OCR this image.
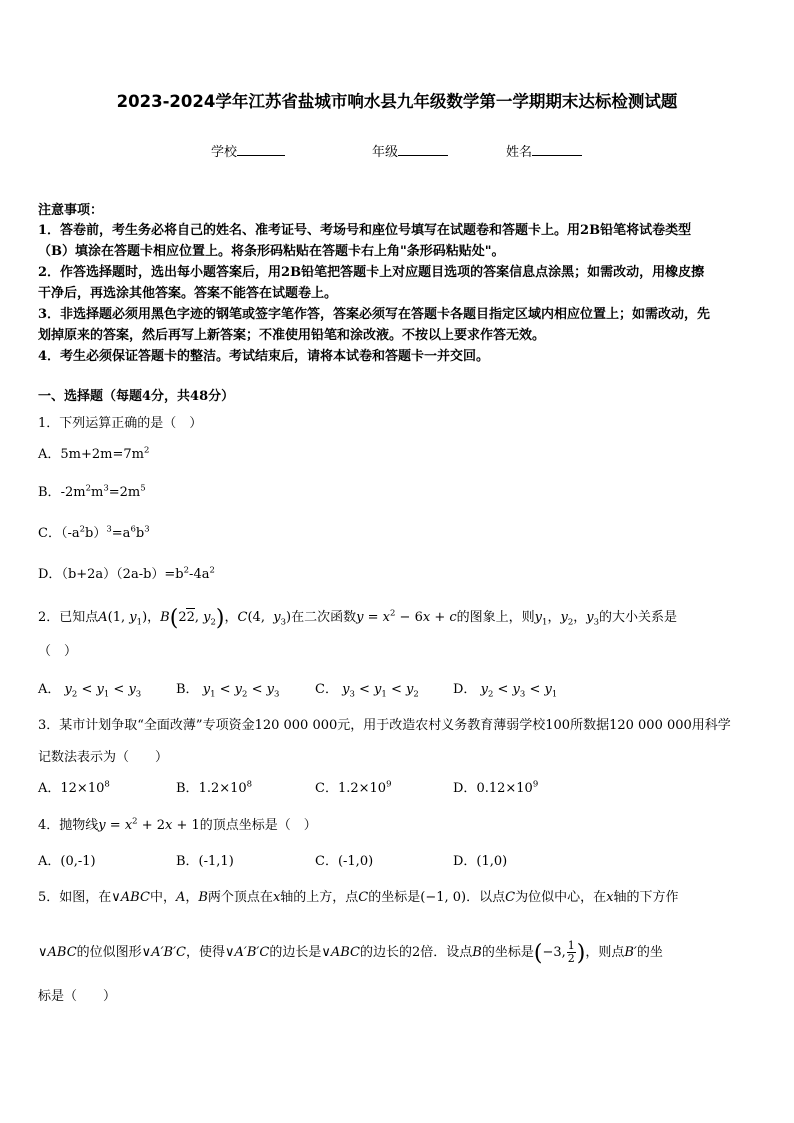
2023-2024学年江苏省盐城市响水县九年级数学第一学期期末达标检测试题
学校	年级	姓名
注意事项：
1．答卷前，考生务必将自己的姓名、准考证号、考场号和座位号填写在试题卷和答题卡上。用2B铅笔将试卷类型
（B）填涂在答题卡相应位置上。将条形码粘贴在答题卡右上角"条形码粘贴处"。
2．作答选择题时，选出每小题答案后，用2B铅笔把答题卡上对应题目选项的答案信息点涂黑；如需改动，用橡皮擦
干净后，再选涂其他答案。答案不能答在试题卷上。
3．非选择题必须用黑色字迹的钢笔或签字笔作答，答案必须写在答题卡各题目指定区域内相应位置上；如需改动，先
划掉原来的答案，然后再写上新答案；不准使用铅笔和涂改液。不按以上要求作答无效。
4．考生必须保证答题卡的整洁。考试结束后，请将本试卷和答题卡一并交回。
一、选择题（每题4分，共48分）
1．下列运算正确的是（　）
A．$5m+2m=7m^2$
B．$-2m^2m^3=2m^5$
C．$(-a^2b)^3=a^6b^3$
D．$(b+2a)(2a-b)=b^2-4a^2$
2．已知点A(1, $y_1$)，B(22, $y_2$)，C(4,  $y_3$)在二次函数$y = x^2 - 6x + c$的图象上，则$y_1$，$y_2$，$y_3$的大小关系是
（　）
A． $y_2 < y_1 < y_3$	B． $y_1 < y_2 < y_3$	C． $y_3 < y_1 < y_2$	D． $y_2 < y_3 < y_1$
3．某市计划争取“全面改薄”专项资金120 000 000元，用于改造农村义务教育薄弱学校100所数据120 000 000用科学
记数法表示为（　　）
A．$12\times 10^8$	B．$1.2\times 10^8$	C．$1.2\times 10^9$	D．$0.12\times 10^9$
4．抛物线$y = x^2 + 2x + 1$的顶点坐标是（　）
A．(0,-1)	B．(-1,1)	C．(-1,0)	D．(1,0)
5．如图，在∨ABC中，A，B两个顶点在x轴的上方，点C的坐标是(−1, 0)．以点C为位似中心，在x轴的下方作
∨ABC的位似图形∨A′B′C，使得∨A′B′C的边长是∨ABC的边长的2倍．设点B的坐标是(−3, $\frac{1}{2}$ )，则点B′的坐
标是（　　）
